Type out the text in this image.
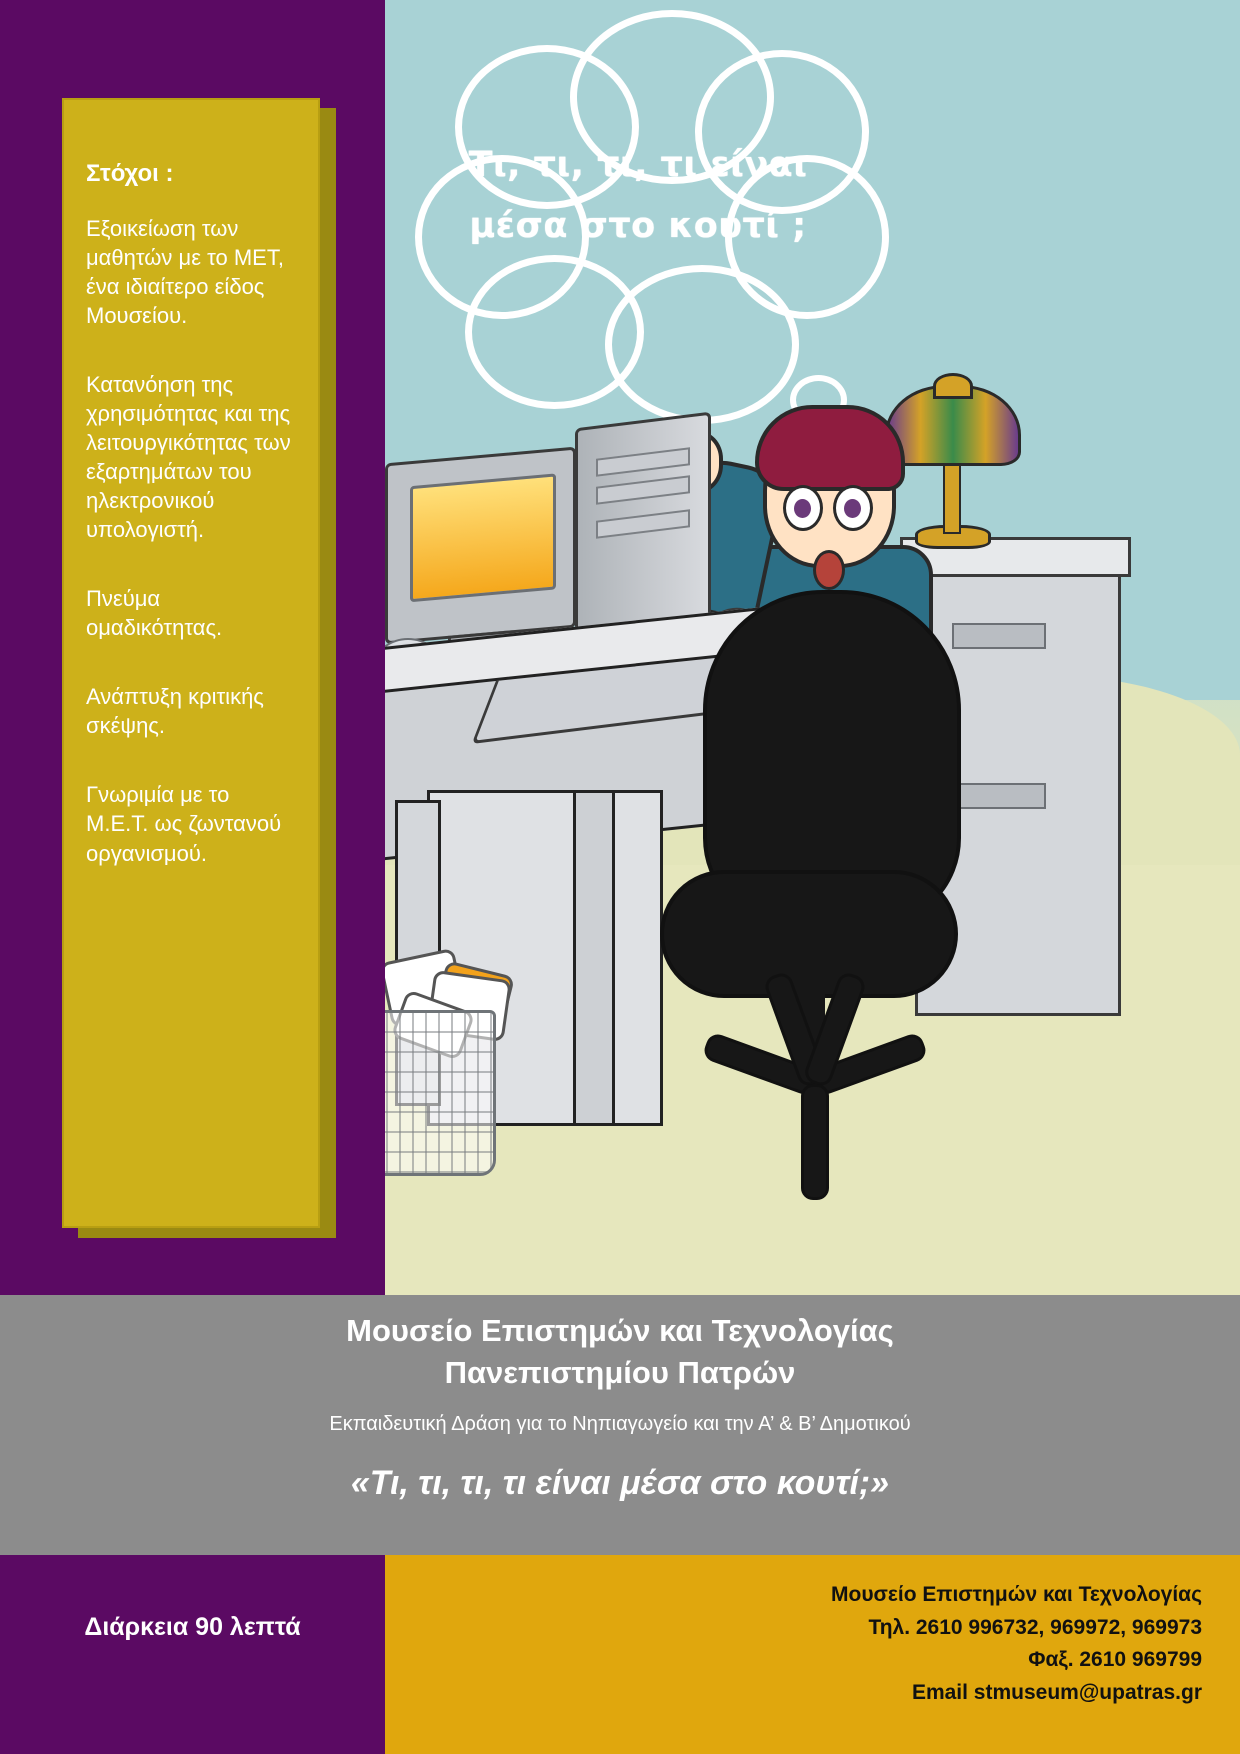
Τι, τι, τι, τι είναι μέσα στο κουτί ;

Στόχοι :

Εξοικείωση των μαθητών με το ΜΕΤ, ένα ιδιαίτερο είδος Μουσείου.

Κατανόηση της χρησιμότητας και της λειτουργικότητας των εξαρτημάτων του ηλεκτρονικού υπολογιστή.

Πνεύμα ομαδικότητας.

Ανάπτυξη κριτικής σκέψης.

Γνωριμία με το Μ.Ε.Τ. ως ζωντανού οργανισμού.

Μουσείο Επιστημών και Τεχνολογίας

Πανεπιστημίου Πατρών

Εκπαιδευτική Δράση για το Νηπιαγωγείο και την Α’ & Β’ Δημοτικού

«Τι, τι, τι, τι είναι μέσα στο κουτί;»

Διάρκεια 90 λεπτά

Μουσείο Επιστημών και Τεχνολογίας

Τηλ. 2610 996732, 969972, 969973

Φαξ. 2610 969799

Email stmuseum@upatras.gr
